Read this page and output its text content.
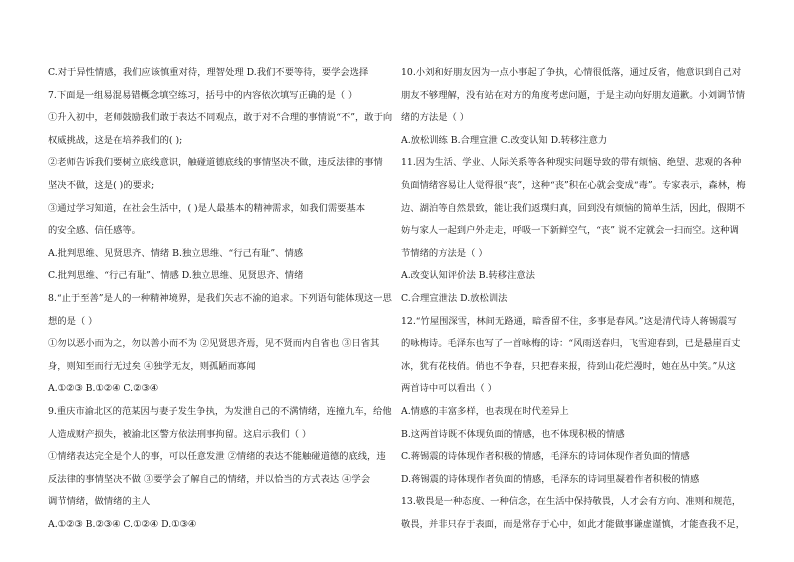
C.对于异性情感，我们应该慎重对待，理智处理 D.我们不要等待，要学会选择
7.下面是一组易混易错概念填空练习，括号中的内容依次填写正确的是（ ）
①升入初中，老师鼓励我们敢于表达不同观点，敢于对不合理的事情说“不”，敢于向
权威挑战，这是在培养我们的( );
②老师告诉我们要树立底线意识，触碰道德底线的事情坚决不做，违反法律的事情
坚决不做，这是( )的要求;
③通过学习知道，在社会生活中，( )是人最基本的精神需求，如我们需要基本
的安全感、信任感等。
A.批判思维、见贤思齐、情绪 B.独立思维、“行己有耻”、情感
C.批判思维、“行己有耻”、情感 D.独立思维、见贤思齐、情绪
8.“止于至善”是人的一种精神境界，是我们矢志不渝的追求。下列语句能体现这一思
想的是（ ）
①勿以恶小而为之，勿以善小而不为 ②见贤思齐焉，见不贤而内自省也 ③日省其
身，则知至而行无过矣 ④独学无友，则孤陋而寡闻
A.①②③ B.①②④ C.②③④
9.重庆市渝北区的范某因与妻子发生争执，为发泄自己的不满情绪，连撞九车，给他
人造成财产损失，被渝北区警方依法刑事拘留。这启示我们（ ）
①情绪表达完全是个人的事，可以任意发泄 ②情绪的表达不能触碰道德的底线，违
反法律的事情坚决不做 ③要学会了解自己的情绪，并以恰当的方式表达 ④学会
调节情绪，做情绪的主人
A.①②③ B.②③④ C.①②④ D.①③④
10.小刘和好朋友因为一点小事起了争执，心情很低落，通过反省，他意识到自己对
朋友不够理解，没有站在对方的角度考虑问题，于是主动向好朋友道歉。小刘调节情
绪的方法是（ ）
A.放松训练 B.合理宣泄 C.改变认知 D.转移注意力
11.因为生活、学业、人际关系等各种现实问题导致的带有烦恼、绝望、悲观的各种
负面情绪容易让人觉得很“丧”，这种“丧”积在心就会变成“毒”。专家表示，森林，梅
边、湖泊等自然景致，能让我们返璞归真，回到没有烦恼的简单生活，因此，假期不
妨与家人一起到户外走走，呼吸一下新鲜空气，“丧” 说不定就会一扫而空。这种调
节情绪的方法是（ ）
A.改变认知评价法 B.转移注意法
C.合理宣泄法 D.放松训法
12.“竹屋围深雪，林间无路通，暗香留不住，多事是春风。”这是清代诗人蒋锡震写
的咏梅诗。毛泽东也写了一首咏梅的诗：“风雨送春归，飞雪迎春到，已是悬崖百丈
冰，犹有花枝俏。俏也不争春，只把春来报，待到山花烂漫时，她在丛中笑。”从这
两首诗中可以看出（ ）
A.情感的丰富多样，也表现在时代差异上
B.这两首诗既不体现负面的情感，也不体现积极的情感
C.蒋锡震的诗体现作者积极的情感，毛泽东的诗词体现作者负面的情感
D.蒋锡震的诗体现作者负面的情感，毛泽东的诗词里凝着作者积极的情感
13.敬畏是一种态度、一种信念，在生活中保持敬畏，人才会有方向、准则和规范，
敬畏，并非只存于表面，而是常存于心中，如此才能做事谦虚谨慎，才能查我不足，
